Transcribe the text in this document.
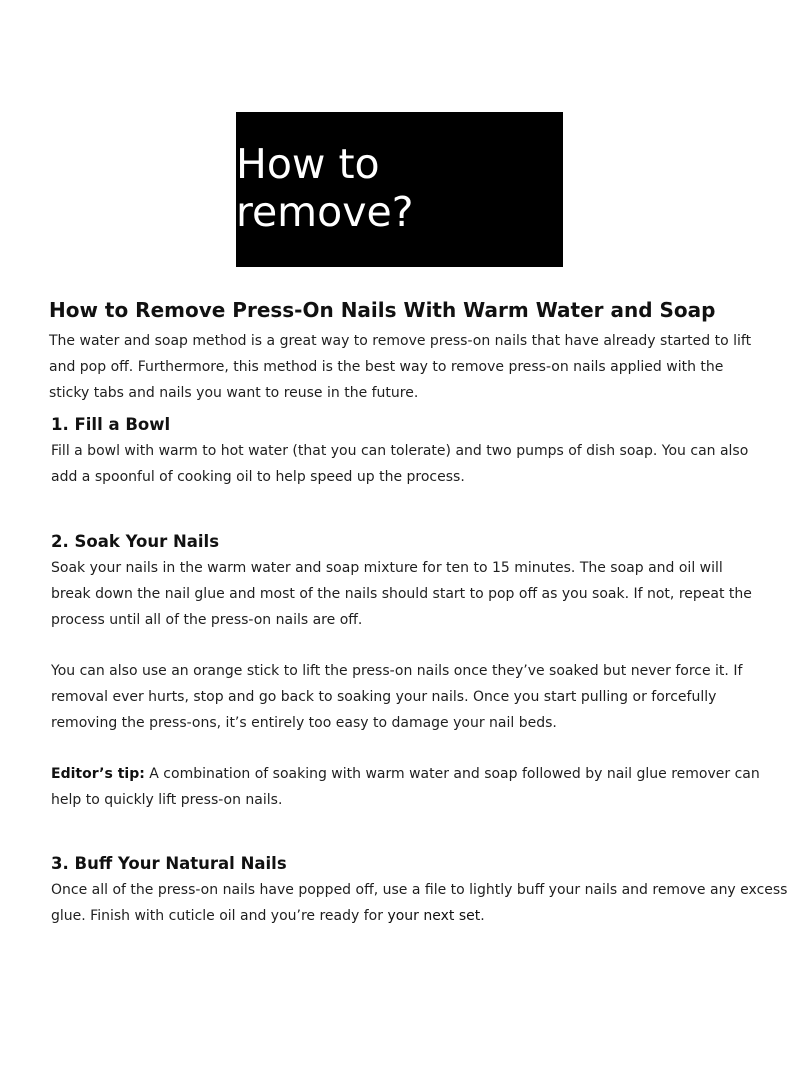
How to remove?
How to Remove Press-On Nails With Warm Water and Soap

The water and soap method is a great way to remove press-on nails that have already started to lift and pop off. Furthermore, this method is the best way to remove press-on nails applied with the sticky tabs and nails you want to reuse in the future.

1. Fill a Bowl

Fill a bowl with warm to hot water (that you can tolerate) and two pumps of dish soap. You can also add a spoonful of cooking oil to help speed up the process.

2. Soak Your Nails

Soak your nails in the warm water and soap mixture for ten to 15 minutes. The soap and oil will break down the nail glue and most of the nails should start to pop off as you soak. If not, repeat the process until all of the press-on nails are off.

You can also use an orange stick to lift the press-on nails once they’ve soaked but never force it. If removal ever hurts, stop and go back to soaking your nails. Once you start pulling or forcefully removing the press-ons, it’s entirely too easy to damage your nail beds.

Editor’s tip: A combination of soaking with warm water and soap followed by nail glue remover can help to quickly lift press-on nails.

3. Buff Your Natural Nails

Once all of the press-on nails have popped off, use a file to lightly buff your nails and remove any excess glue. Finish with cuticle oil and you’re ready for your next set.
